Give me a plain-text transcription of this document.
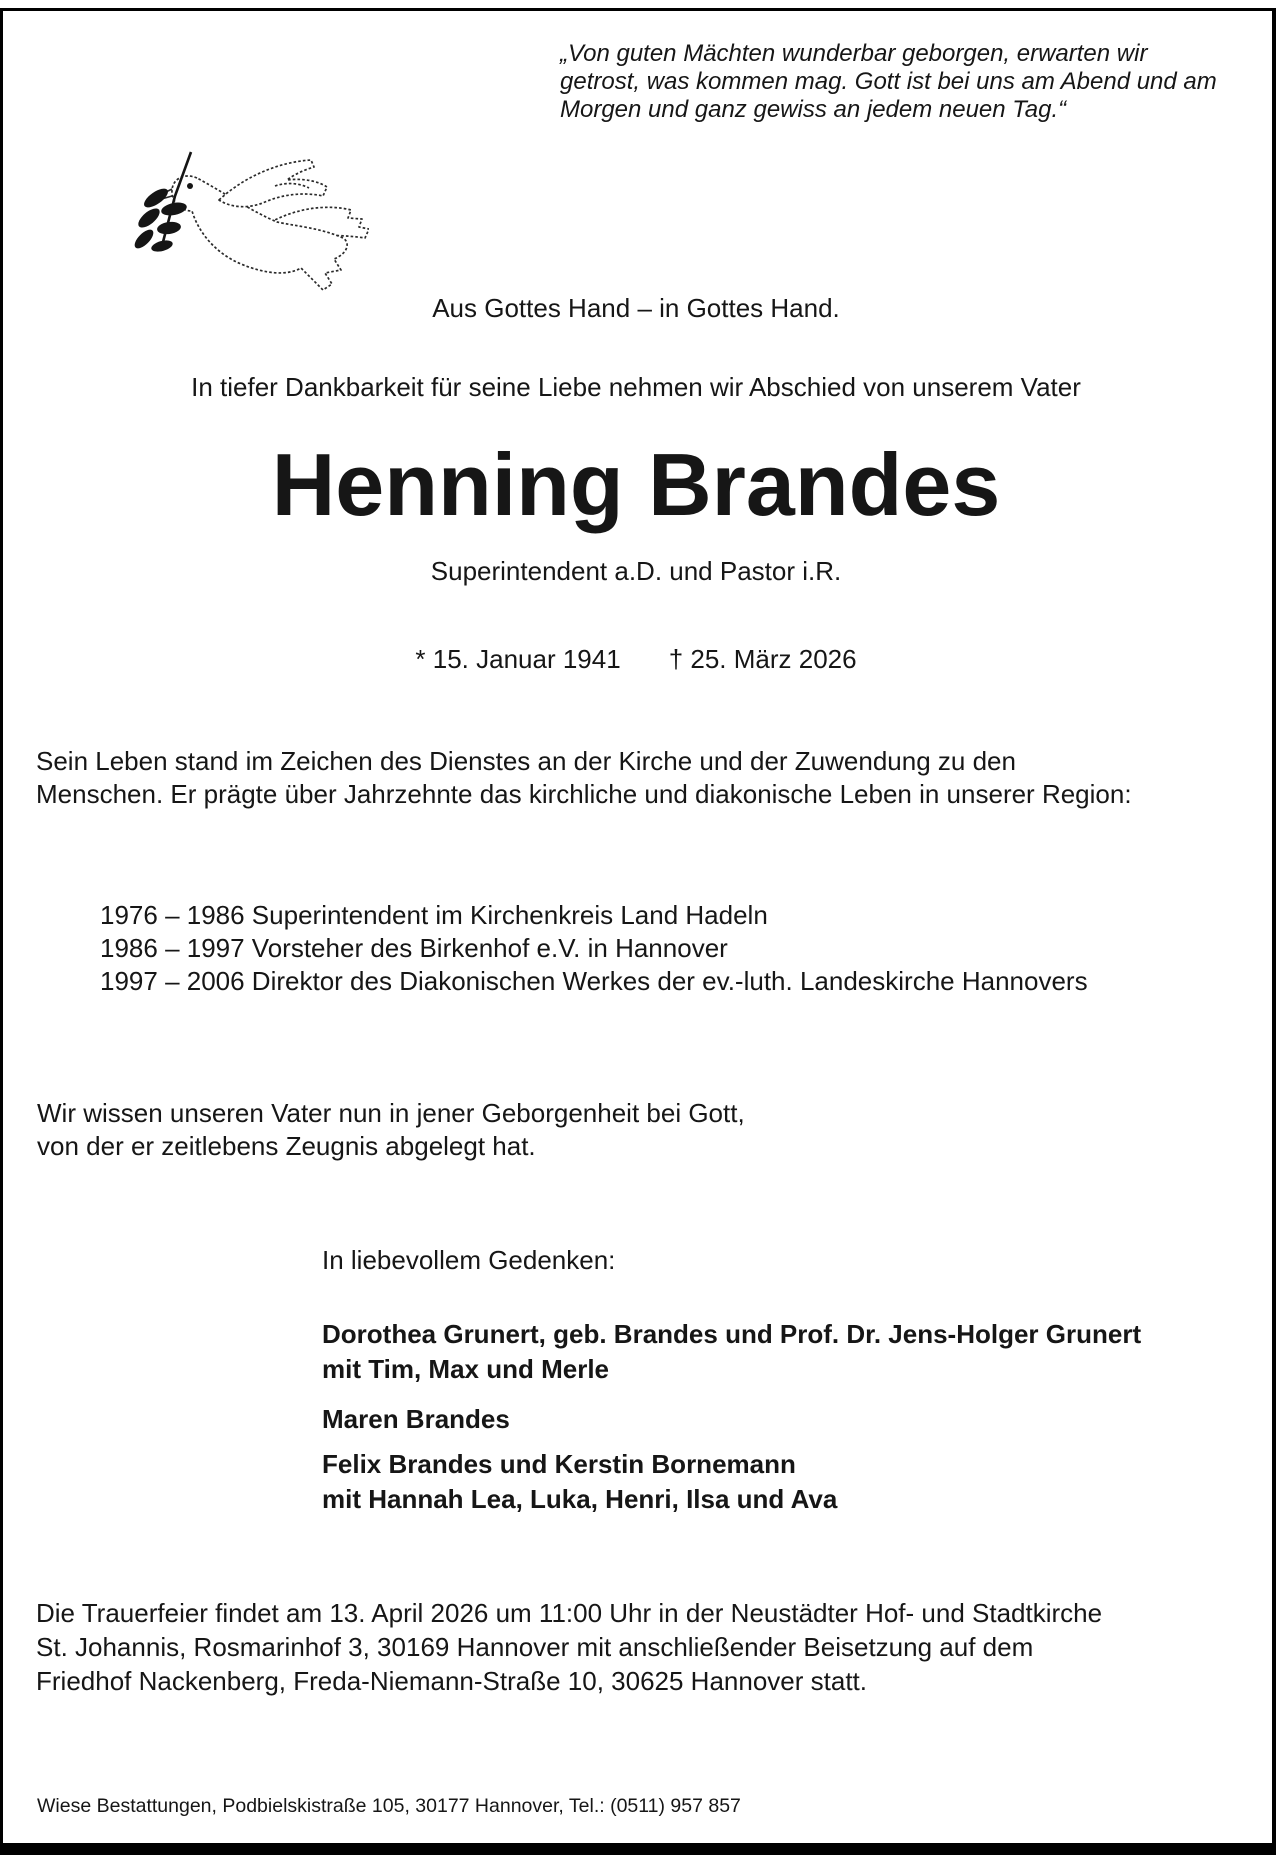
„Von guten Mächten wunderbar geborgen, erwarten wir

getrost, was kommen mag. Gott ist bei uns am Abend und am

Morgen und ganz gewiss an jedem neuen Tag.“

Aus Gottes Hand – in Gottes Hand.
In tiefer Dankbarkeit für seine Liebe nehmen wir Abschied von unserem Vater
Henning Brandes
Superintendent a.D. und Pastor i.R.
* 15. Januar 1941 † 25. März 2026

Sein Leben stand im Zeichen des Dienstes an der Kirche und der Zuwendung zu den

Menschen. Er prägte über Jahrzehnte das kirchliche und diakonische Leben in unserer Region:

1976 – 1986 Superintendent im Kirchenkreis Land Hadeln

1986 – 1997 Vorsteher des Birkenhof e.V. in Hannover

1997 – 2006 Direktor des Diakonischen Werkes der ev.-luth. Landeskirche Hannovers

Wir wissen unseren Vater nun in jener Geborgenheit bei Gott,

von der er zeitlebens Zeugnis abgelegt hat.

In liebevollem Gedenken:

Dorothea Grunert, geb. Brandes und Prof. Dr. Jens-Holger Grunert

mit Tim, Max und Merle

Maren Brandes

Felix Brandes und Kerstin Bornemann

mit Hannah Lea, Luka, Henri, Ilsa und Ava

Die Trauerfeier findet am 13. April 2026 um 11:00 Uhr in der Neustädter Hof- und Stadtkirche

St. Johannis, Rosmarinhof 3, 30169 Hannover mit anschließender Beisetzung auf dem

Friedhof Nackenberg, Freda-Niemann-Straße 10, 30625 Hannover statt.

Wiese Bestattungen, Podbielskistraße 105, 30177 Hannover, Tel.: (0511) 957 857
